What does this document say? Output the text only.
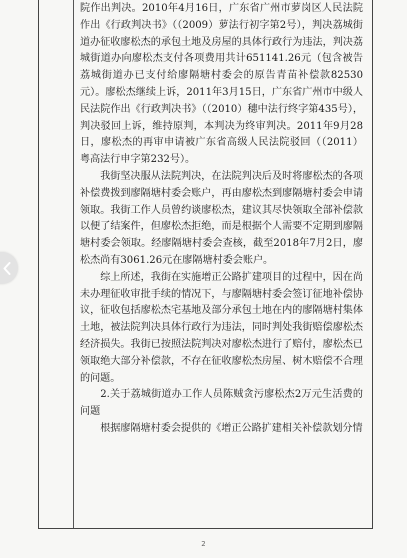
院作出判决。2010年4月16日，广东省广州市萝岗区人民法院作出《行政判决书》（（2009）萝法行初字第2号），判决荔城街道办征收廖松杰的承包土地及房屋的具体行政行为违法，判决荔城街道办向廖松杰支付各项费用共计651141.26元（包含被告荔城街道办已支付给廖隔塘村委会的原告青苗补偿款82530元）。廖松杰继续上诉，2011年3月15日，广东省广州市中级人民法院作出《行政判决书》（（2010）穗中法行终字第435号），判决驳回上诉，维持原判，本判决为终审判决。2011年9月28日，廖松杰的再审申请被广东省高级人民法院驳回（（2011）粤高法行申字第232号）。

我街坚决服从法院判决，在法院判决后及时将廖松杰的各项补偿费拨到廖隔塘村委会账户，再由廖松杰到廖隔塘村委会申请领取。我街工作人员曾约谈廖松杰，建议其尽快领取全部补偿款以便了结案件，但廖松杰拒绝，而是根据个人需要不定期到廖隔塘村委会领取。经廖隔塘村委会查核，截至2018年7月2日，廖松杰尚有3061.26元在廖隔塘村委会账户。

综上所述，我街在实施增正公路扩建项目的过程中，因在尚未办理征收审批手续的情况下，与廖隔塘村委会签订征地补偿协议，征收包括廖松杰宅基地及部分承包土地在内的廖隔塘村集体土地，被法院判决具体行政行为违法，同时判处我街赔偿廖松杰经济损失。我街已按照法院判决对廖松杰进行了赔付，廖松杰已领取绝大部分补偿款，不存在征收廖松杰房屋、树木赔偿不合理的问题。

2.关于荔城街道办工作人员陈贼贪污廖松杰2万元生活费的问题

根据廖隔塘村委会提供的《增正公路扩建相关补偿款划分情

2
